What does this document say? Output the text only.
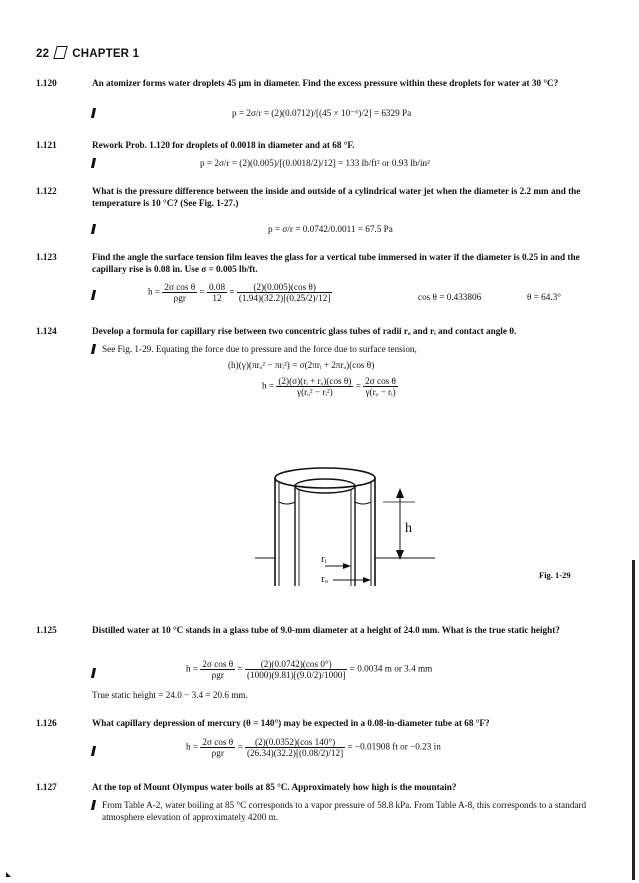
22 CHAPTER 1
1.120	An atomizer forms water droplets 45 μm in diameter. Find the excess pressure within these droplets for water at 30 °C?
p = 2σ/r = (2)(0.0712)/[(45 × 10⁻⁶)/2] = 6329 Pa
1.121	Rework Prob. 1.120 for droplets of 0.0018 in diameter and at 68 °F.
p = 2σ/r = (2)(0.005)/[(0.0018/2)/12] = 133 lb/ft² or 0.93 lb/in²
1.122	What is the pressure difference between the inside and outside of a cylindrical water jet when the diameter is 2.2 mm and the temperature is 10 °C? (See Fig. 1-27.)
p = σ/r = 0.0742/0.0011 = 67.5 Pa
1.123	Find the angle the surface tension film leaves the glass for a vertical tube immersed in water if the diameter is 0.25 in and the capillary rise is 0.08 in. Use σ = 0.005 lb/ft.
$h = \frac{\text{2σ cos θ}}{\text{ρgr}} = \frac{0.08}{12} = \frac{\text{(2)(0.005)(cos θ)}}{(1.94)(32.2)[(0.25/2)/12]}$	cos θ = 0.433806	θ = 64.3°
1.124	Develop a formula for capillary rise between two concentric glass tubes of radii rₒ and rᵢ and contact angle θ.
See Fig. 1-29. Equating the force due to pressure and the force due to surface tension,
(h)(γ)(πrₒ² − πrᵢ²) = σ(2πrᵢ + 2πrₒ)(cos θ)
$h = \frac{\text{(2)(σ)(rᵢ + rₒ)(cos θ)}}{\text{γ(rₒ² − rᵢ²)}} = \frac{\text{2σ cos θ}}{\text{γ(rₒ − rᵢ)}}$
h
rᵢ
rₒ	Fig. 1-29
1.125	Distilled water at 10 °C stands in a glass tube of 9.0-mm diameter at a height of 24.0 mm. What is the true static height?
$h = \frac{\text{2σ cos θ}}{\text{ρgr}} = \frac{(2)(0.0742)(\cos 0^\circ)}{(1000)(9.81)[(9.0/2)/1000]} = 0.0034$ m or 3.4 mm
True static height = 24.0 − 3.4 = 20.6 mm.
1.126	What capillary depression of mercury (θ = 140°) may be expected in a 0.08-in-diameter tube at 68 °F?
$h = \frac{\text{2σ cos θ}}{\text{ρgr}} = \frac{(2)(0.0352)(\cos 140^\circ)}{(26.34)(32.2)[(0.08/2)/12]} = -0.01908$ ft or −0.23 in
1.127	At the top of Mount Olympus water boils at 85 °C. Approximately how high is the mountain?
From Table A-2, water boiling at 85 °C corresponds to a vapor pressure of 58.8 kPa. From Table A-8, this corresponds to a standard atmosphere elevation of approximately 4200 m.
